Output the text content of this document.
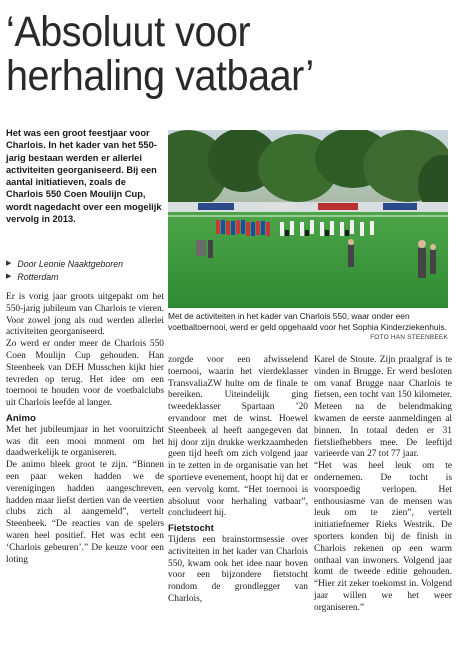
‘Absoluut voor
herhaling vatbaar’
Het was een groot feestjaar voor Charlois. In het kader van het 550-jarig bestaan werden er allerlei activiteiten georganiseerd. Bij een aantal initiatieven, zoals de Charlois 550 Coen Moulijn Cup, wordt nagedacht over een mogelijk vervolg in 2013.
Met de activiteiten in het kader van Charlois 550, waar onder een voetbaltoernooi, werd er geld opgehaald voor het Sophia Kinderziekenhuis.
FOTO HAN STEENBEEK
▶ Door Leonie Naaktgeboren
▶ Rotterdam

Er is vorig jaar groots uitgepakt om het 550-jarig jubileum van Charlois te vieren. Voor zowel jong als oud werden allerlei activiteiten georganiseerd.

Zo werd er onder meer de Charlois 550 Coen Moulijn Cup gehouden. Han Steenbeek van DEH Musschen kijkt hier tevreden op terug. Het idee om een toernooi te houden voor de voetbalclubs uit Charlois leefde al langer.

Animo

Met het jubileumjaar in het vooruitzicht was dit een mooi moment om het daadwerkelijk te organiseren.

De animo bleek groot te zijn. “Binnen een paar weken hadden we de verenigingen hadden aangeschreven, hadden maar liefst dertien van de veertien clubs zich al aangemeld”, vertelt Steenbeek. “De reacties van de spelers waren heel positief. Het was echt een ‘Charlois gebeuren’.” De keuze voor een loting

zorgde voor een afwisselend toernooi, waarin het vierdeklasser TransvaliaZW hulte om de finale te bereiken. Uiteindelijk ging tweedeklasser Spartaan ’20 ervandoor met de winst. Hoewel Steenbeek al heeft aangegeven dat hij door zijn drukke werkzaamheden geen tijd heeft om zich volgend jaar in te zetten in de organisatie van het sportieve evenement, hoopt hij dat er een vervolg komt. “Het toernooi is absoluut voor herhaling vatbaar”, concludeert hij.

Fietstocht

Tijdens een brainstormsessie over activiteiten in het kader van Charlois 550, kwam ook het idee naar boven voor een bijzondere fietstocht rondom de grondlegger van Charlois,

Karel de Stoute. Zijn praalgraf is te vinden in Brugge. Er werd besloten om vanaf Brugge naar Charlois te fietsen, een tocht van 150 kilometer. Meteen na de belendmaking kwamen de eerste aanmeldingen al binnen. In totaal deden er 31 fietsliefhebbers mee. De leeftijd varieerde van 27 tot 77 jaar.

“Het was heel leuk om te ondernemen. De tocht is voorspoedig verlopen. Het enthousiasme van de mensen was leuk om te zien”, vertelt initiatiefnemer Rieks Westrik. De sporters konden bij de finish in Charlois rekenen op een warm onthaal van inwoners. Volgend jaar komt de tweede editie gehouden. “Hier zit zeker toekomst in. Volgend jaar willen we het weer organiseren.”
